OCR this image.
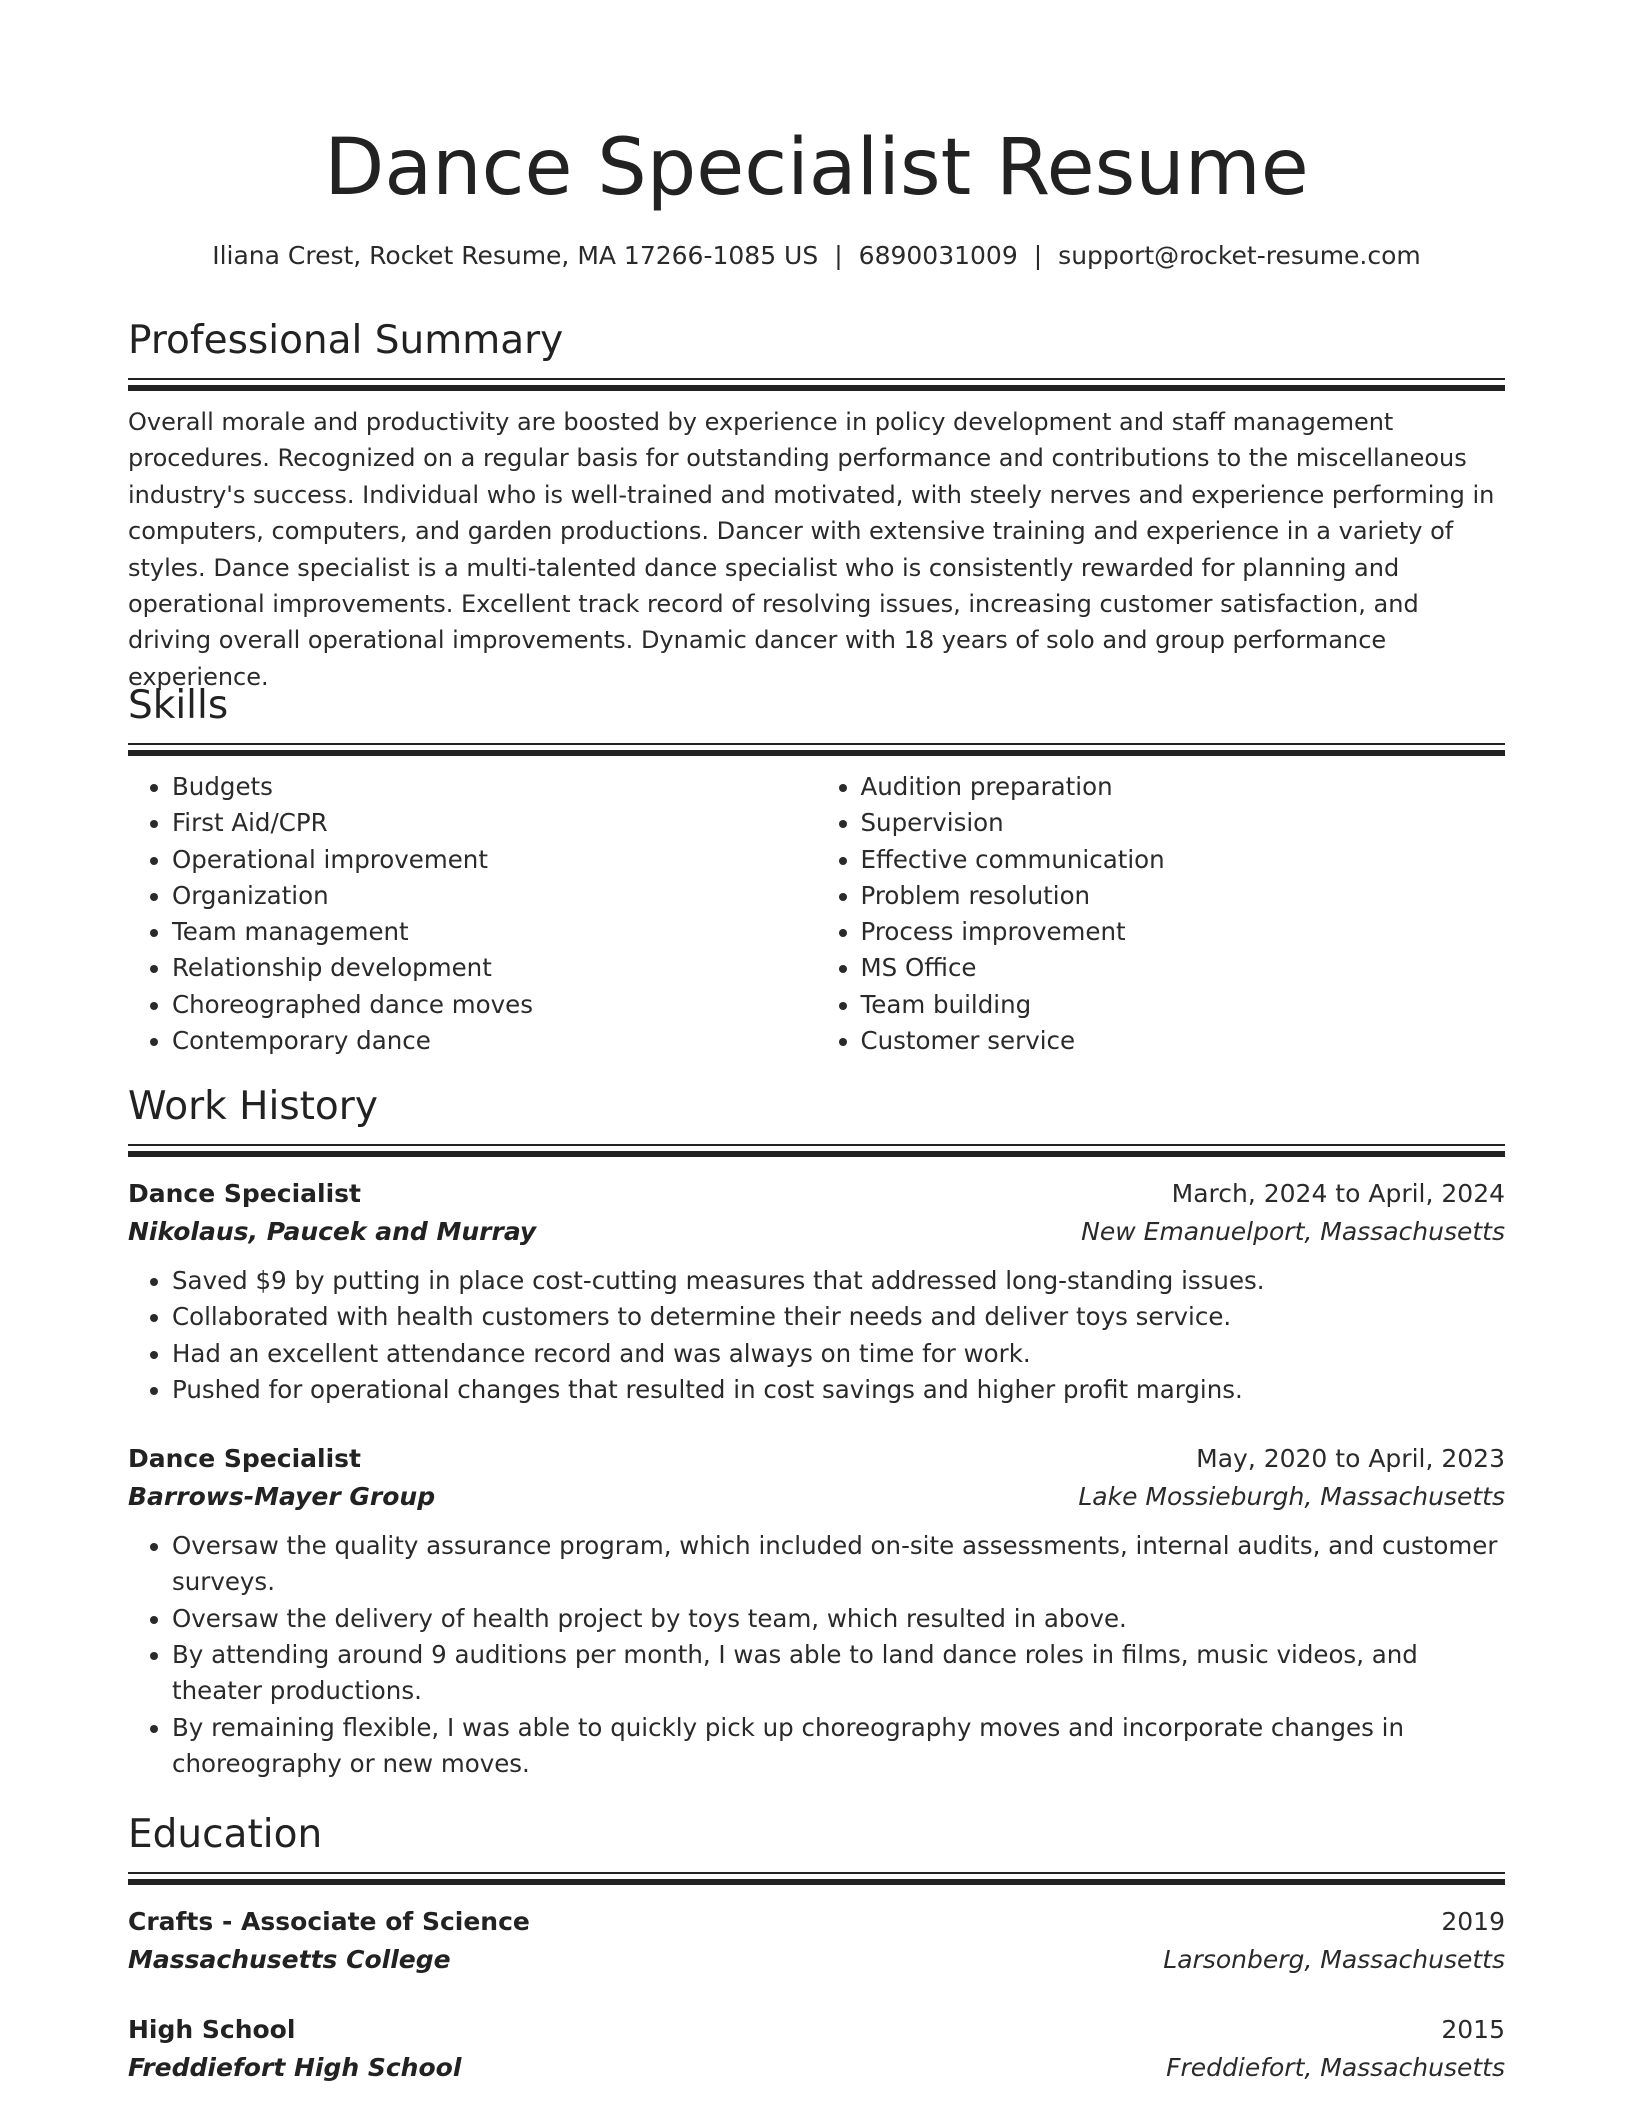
Dance Specialist Resume
Iliana Crest, Rocket Resume, MA 17266-1085 US | 6890031009 | support@rocket-resume.com
Professional Summary

Overall morale and productivity are boosted by experience in policy development and staff management procedures. Recognized on a regular basis for outstanding performance and contributions to the miscellaneous industry's success. Individual who is well-trained and motivated, with steely nerves and experience performing in computers, computers, and garden productions. Dancer with extensive training and experience in a variety of styles. Dance specialist is a multi-talented dance specialist who is consistently rewarded for planning and operational improvements. Excellent track record of resolving issues, increasing customer satisfaction, and driving overall operational improvements. Dynamic dancer with 18 years of solo and group performance experience.

Skills
• Budgets
• First Aid/CPR
• Operational improvement
• Organization
• Team management
• Relationship development
• Choreographed dance moves
• Contemporary dance
• Audition preparation
• Supervision
• Effective communication
• Problem resolution
• Process improvement
• MS Office
• Team building
• Customer service
Work History
Dance Specialist	March, 2024 to April, 2024
Nikolaus, Paucek and Murray	New Emanuelport, Massachusetts
• Saved $9 by putting in place cost-cutting measures that addressed long-standing issues.
• Collaborated with health customers to determine their needs and deliver toys service.
• Had an excellent attendance record and was always on time for work.
• Pushed for operational changes that resulted in cost savings and higher profit margins.
Dance Specialist	May, 2020 to April, 2023
Barrows-Mayer Group	Lake Mossieburgh, Massachusetts
• Oversaw the quality assurance program, which included on-site assessments, internal audits, and customer surveys.
• Oversaw the delivery of health project by toys team, which resulted in above.
• By attending around 9 auditions per month, I was able to land dance roles in films, music videos, and theater productions.
• By remaining flexible, I was able to quickly pick up choreography moves and incorporate changes in choreography or new moves.
Education
Crafts - Associate of Science	2019
Massachusetts College	Larsonberg, Massachusetts
High School	2015
Freddiefort High School	Freddiefort, Massachusetts
